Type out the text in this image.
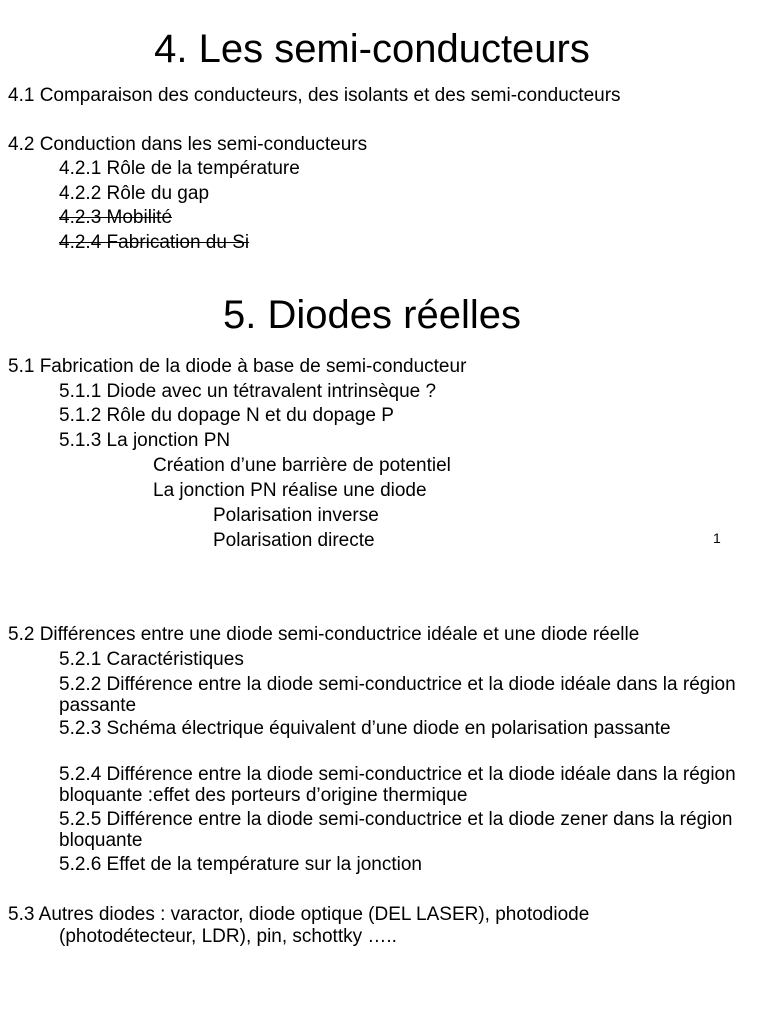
4. Les semi-conducteurs
4.1 Comparaison des conducteurs, des isolants et des semi-conducteurs
4.2 Conduction dans les semi-conducteurs
4.2.1 Rôle de la température
4.2.2 Rôle du gap
4.2.3 Mobilité
4.2.4 Fabrication du Si
5. Diodes réelles
5.1 Fabrication de la diode à base de semi-conducteur
5.1.1 Diode avec un tétravalent intrinsèque ?
5.1.2 Rôle du dopage N et du dopage P
5.1.3 La jonction PN
Création d’une barrière de potentiel
La jonction PN réalise une diode
Polarisation inverse
Polarisation directe	1
5.2 Différences entre une diode semi-conductrice idéale et une diode réelle
5.2.1 Caractéristiques
5.2.2 Différence entre la diode semi-conductrice et la diode idéale dans la région passante
5.2.3 Schéma électrique équivalent d’une diode en polarisation passante
5.2.4 Différence entre la diode semi-conductrice et la diode idéale dans la région bloquante :effet des porteurs d’origine thermique
5.2.5 Différence entre la diode semi-conductrice et la diode zener dans la région bloquante
5.2.6 Effet de la température sur la jonction
5.3 Autres diodes : varactor, diode optique (DEL LASER), photodiode
(photodétecteur, LDR), pin, schottky …..
